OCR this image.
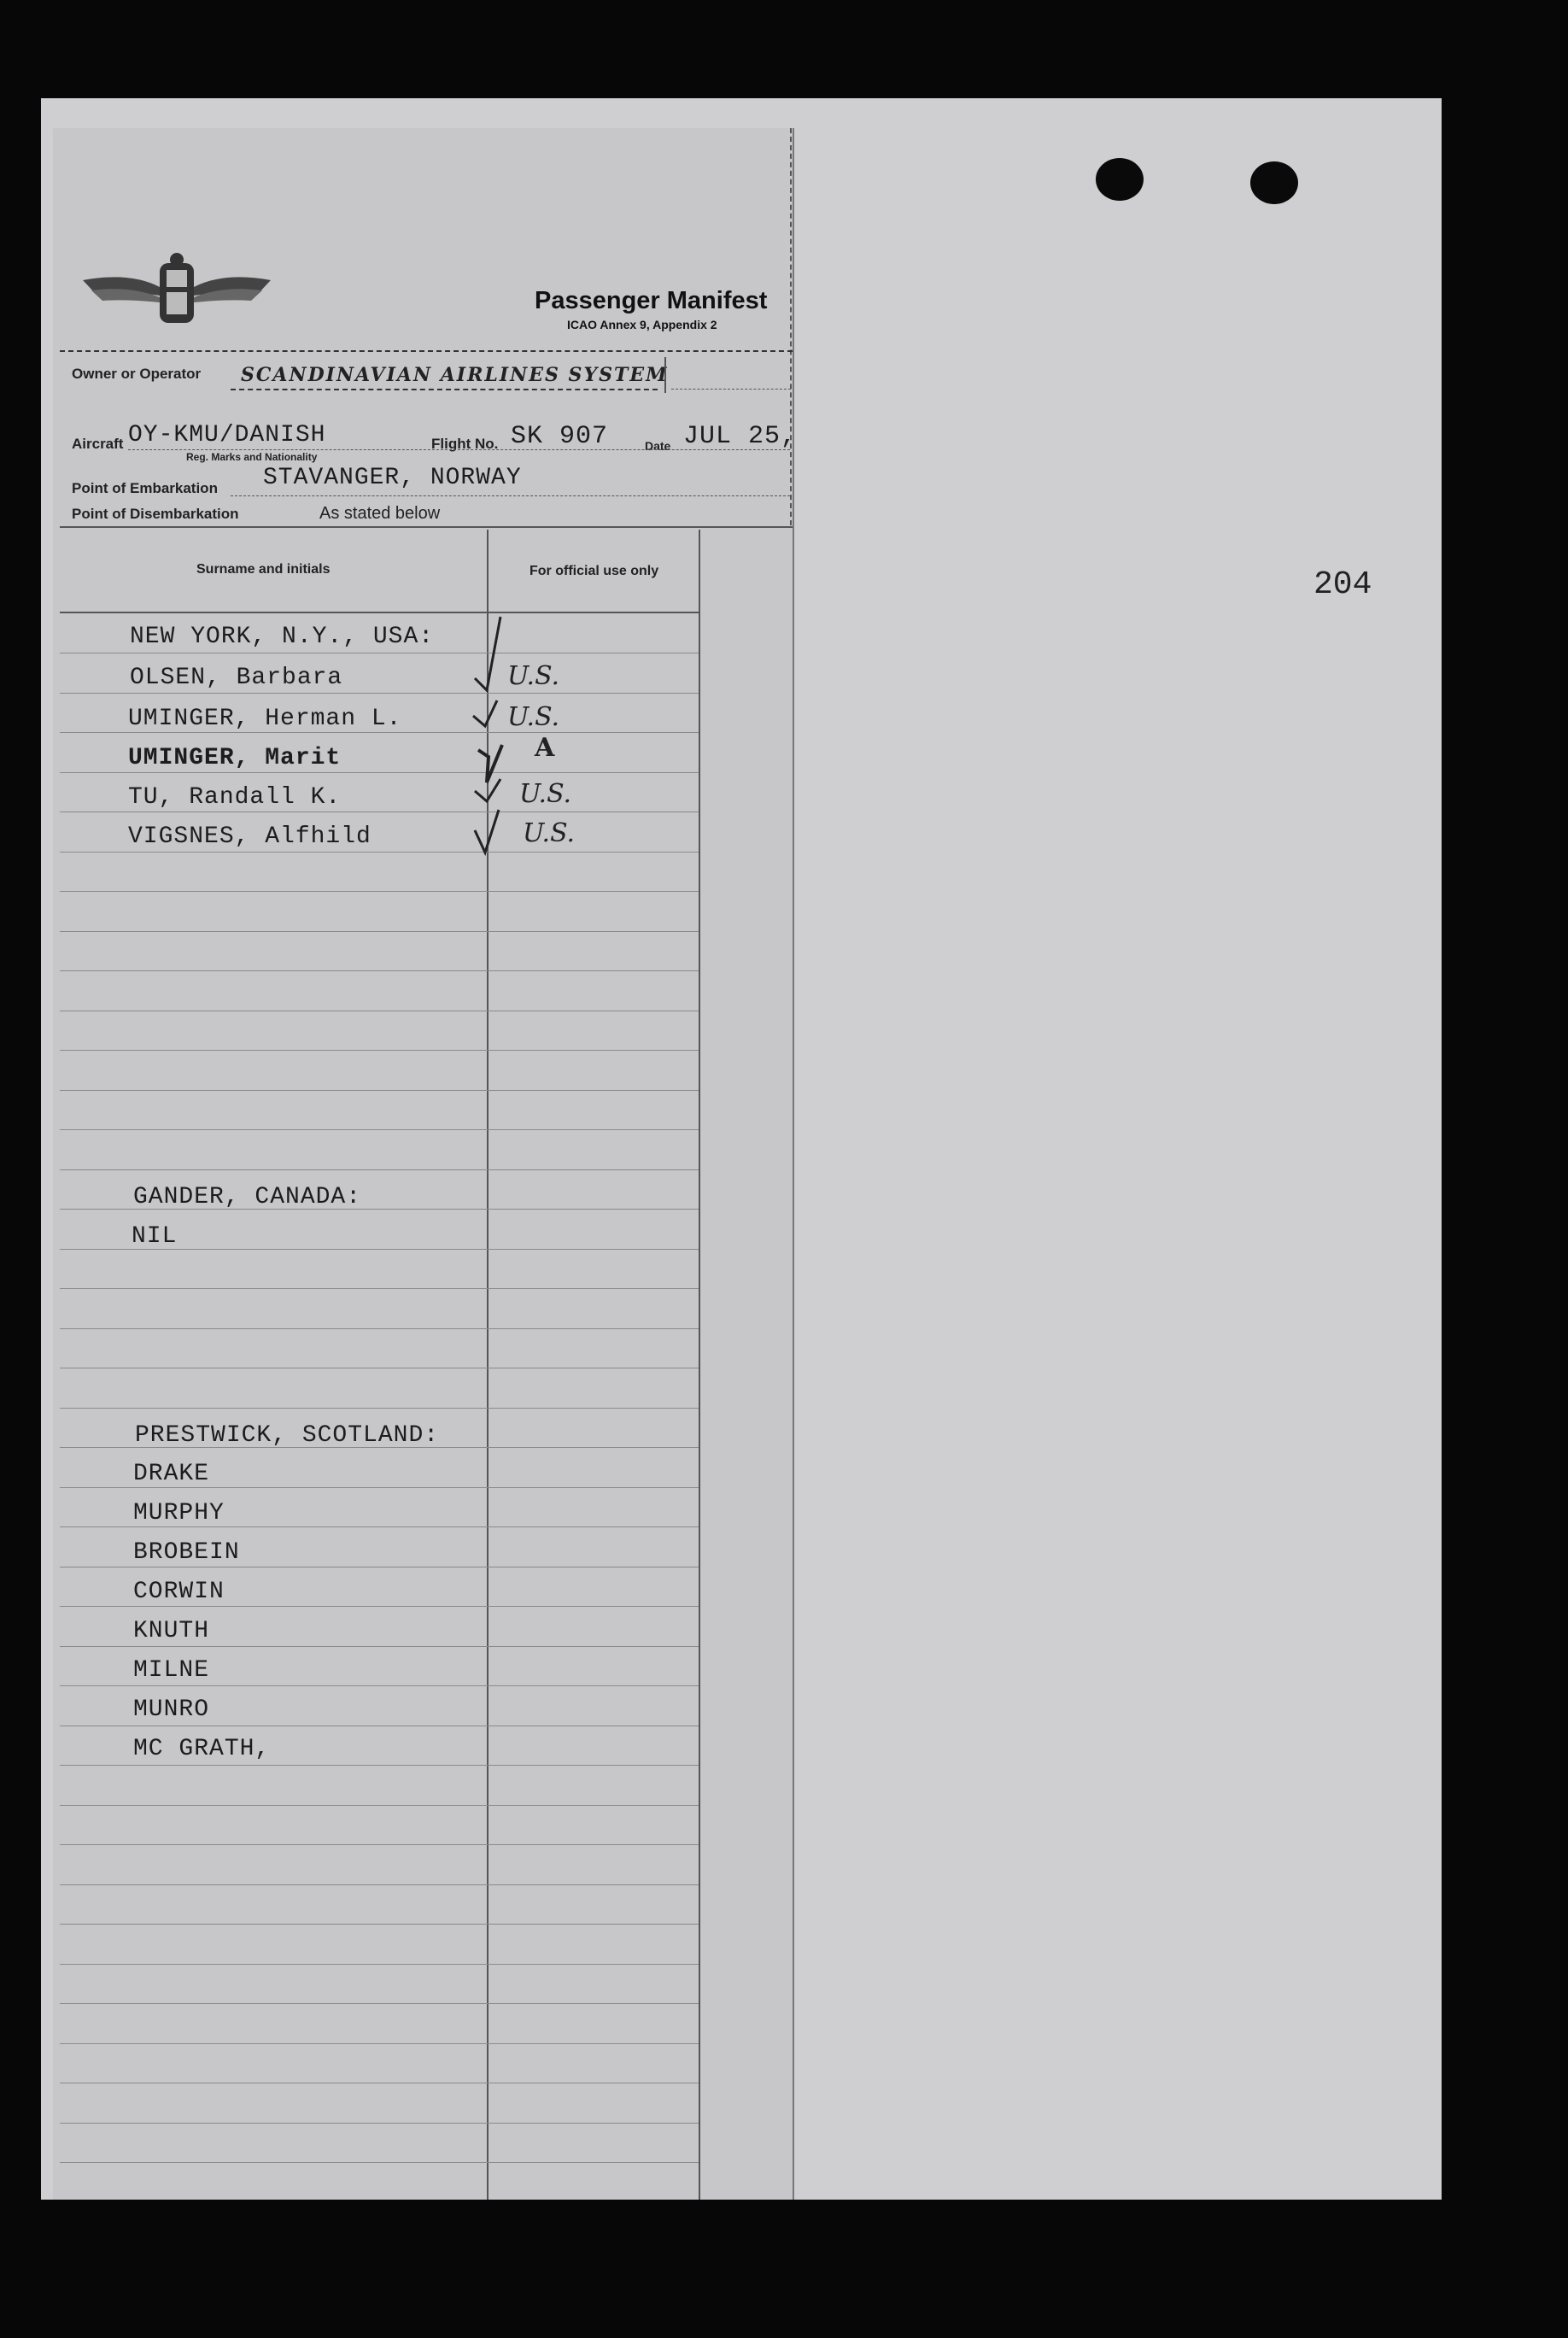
Passenger Manifest
ICAO Annex 9, Appendix 2
204
Owner or Operator SCANDINAVIAN AIRLINES SYSTEM
Aircraft OY-KMU/DANISH
Reg. Marks and Nationality
Flight No. SK 907	Date JUL 25,
Point of Embarkation STAVANGER, NORWAY
Point of Disembarkation	As stated below
Surname and initials	For official use only
NEW YORK, N.Y., USA:
OLSEN, Barbara	U.S.
UMINGER, Herman L.	U.S.
UMINGER, Marit	A
TU, Randall K.	U.S.
VIGSNES, Alfhild	U.S.
GANDER, CANADA:
NIL
PRESTWICK, SCOTLAND:
DRAKE
MURPHY
BROBEIN
CORWIN
KNUTH
MILNE
MUNRO
MC GRATH,
